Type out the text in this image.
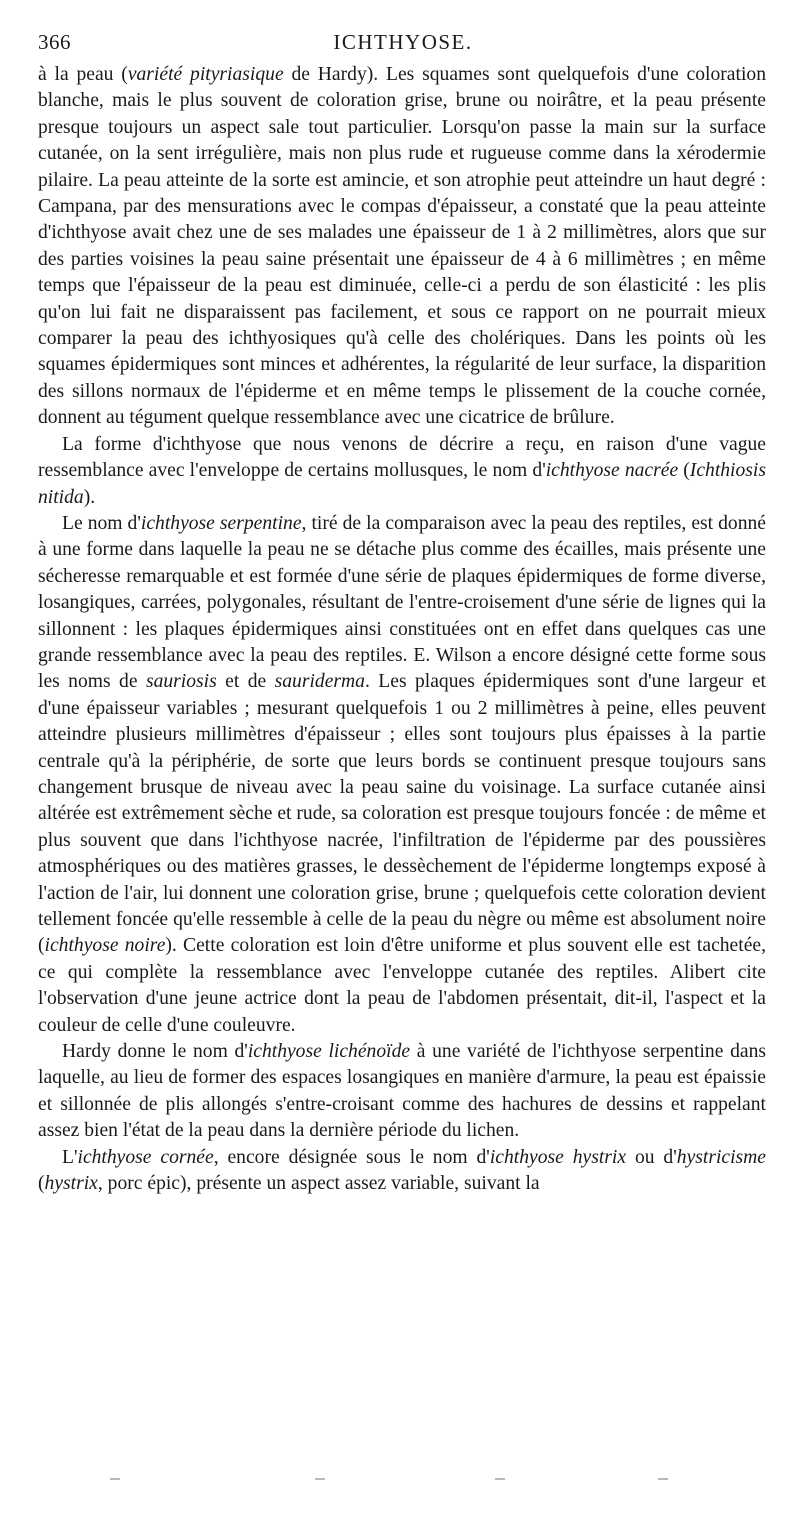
366	ICHTHYOSE.

à la peau (variété pityriasique de Hardy). Les squames sont quelquefois d'une coloration blanche, mais le plus souvent de coloration grise, brune ou noirâtre, et la peau présente presque toujours un aspect sale tout particulier. Lorsqu'on passe la main sur la surface cutanée, on la sent irrégulière, mais non plus rude et rugueuse comme dans la xérodermie pilaire. La peau atteinte de la sorte est amincie, et son atrophie peut atteindre un haut degré : Campana, par des mensurations avec le compas d'épaisseur, a constaté que la peau atteinte d'ichthyose avait chez une de ses malades une épaisseur de 1 à 2 millimètres, alors que sur des parties voisines la peau saine présentait une épaisseur de 4 à 6 millimètres ; en même temps que l'épaisseur de la peau est diminuée, celle-ci a perdu de son élasticité : les plis qu'on lui fait ne disparaissent pas facilement, et sous ce rapport on ne pourrait mieux comparer la peau des ichthyosiques qu'à celle des cholériques. Dans les points où les squames épidermiques sont minces et adhérentes, la régularité de leur surface, la disparition des sillons normaux de l'épiderme et en même temps le plissement de la couche cornée, donnent au tégument quelque ressemblance avec une cicatrice de brûlure.

La forme d'ichthyose que nous venons de décrire a reçu, en raison d'une vague ressemblance avec l'enveloppe de certains mollusques, le nom d'ichthyose nacrée (Ichthiosis nitida).

Le nom d'ichthyose serpentine, tiré de la comparaison avec la peau des reptiles, est donné à une forme dans laquelle la peau ne se détache plus comme des écailles, mais présente une sécheresse remarquable et est formée d'une série de plaques épidermiques de forme diverse, losangiques, carrées, polygonales, résultant de l'entre-croisement d'une série de lignes qui la sillonnent : les plaques épidermiques ainsi constituées ont en effet dans quelques cas une grande ressemblance avec la peau des reptiles. E. Wilson a encore désigné cette forme sous les noms de sauriosis et de sauriderma. Les plaques épidermiques sont d'une largeur et d'une épaisseur variables ; mesurant quelquefois 1 ou 2 millimètres à peine, elles peuvent atteindre plusieurs millimètres d'épaisseur ; elles sont toujours plus épaisses à la partie centrale qu'à la périphérie, de sorte que leurs bords se continuent presque toujours sans changement brusque de niveau avec la peau saine du voisinage. La surface cutanée ainsi altérée est extrêmement sèche et rude, sa coloration est presque toujours foncée : de même et plus souvent que dans l'ichthyose nacrée, l'infiltration de l'épiderme par des poussières atmosphériques ou des matières grasses, le dessèchement de l'épiderme longtemps exposé à l'action de l'air, lui donnent une coloration grise, brune ; quelquefois cette coloration devient tellement foncée qu'elle ressemble à celle de la peau du nègre ou même est absolument noire (ichthyose noire). Cette coloration est loin d'être uniforme et plus souvent elle est tachetée, ce qui complète la ressemblance avec l'enveloppe cutanée des reptiles. Alibert cite l'observation d'une jeune actrice dont la peau de l'abdomen présentait, dit-il, l'aspect et la couleur de celle d'une couleuvre.

Hardy donne le nom d'ichthyose lichénoïde à une variété de l'ichthyose serpentine dans laquelle, au lieu de former des espaces losangiques en manière d'armure, la peau est épaissie et sillonnée de plis allongés s'entre-croisant comme des hachures de dessins et rappelant assez bien l'état de la peau dans la dernière période du lichen.

L'ichthyose cornée, encore désignée sous le nom d'ichthyose hystrix ou d'hystricisme (hystrix, porc épic), présente un aspect assez variable, suivant la
